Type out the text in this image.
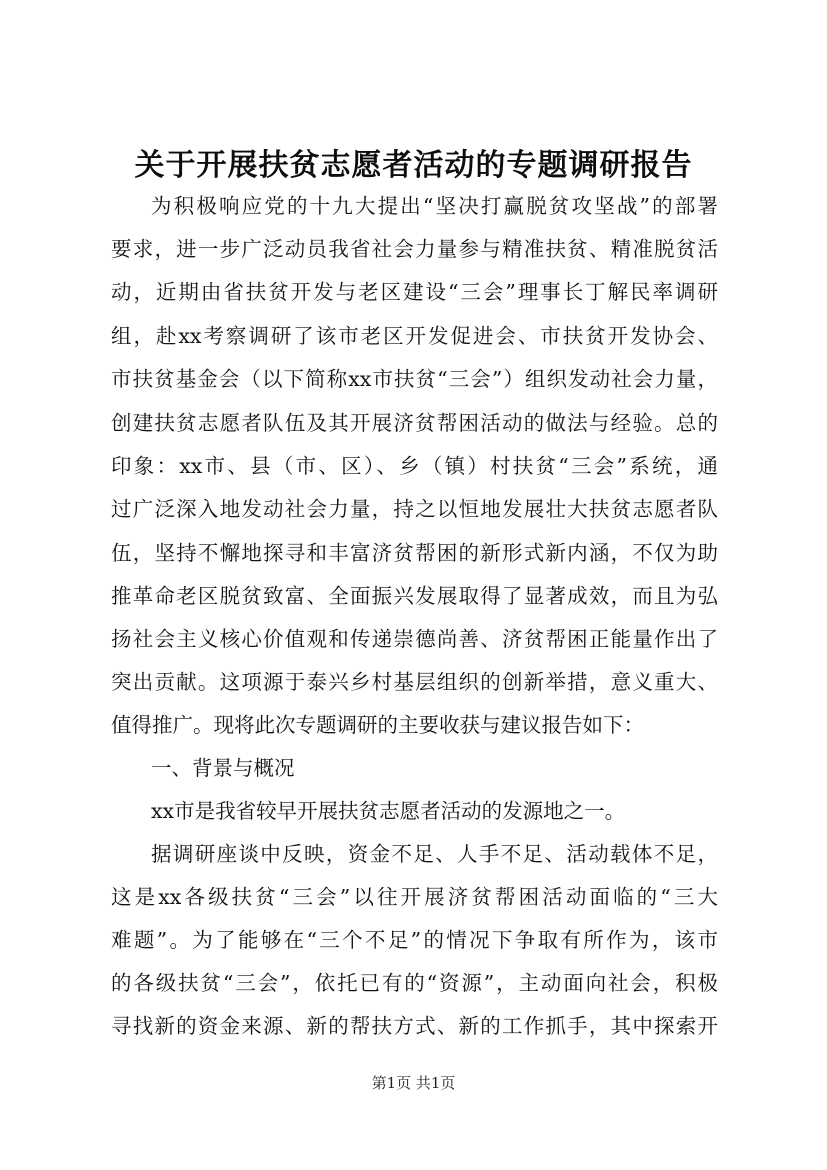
关于开展扶贫志愿者活动的专题调研报告
为积极响应党的十九大提出“坚决打赢脱贫攻坚战”的部署
要求，进一步广泛动员我省社会力量参与精准扶贫、精准脱贫活
动，近期由省扶贫开发与老区建设“三会”理事长丁解民率调研
组，赴xx考察调研了该市老区开发促进会、市扶贫开发协会、
市扶贫基金会（以下简称xx市扶贫“三会”）组织发动社会力量，
创建扶贫志愿者队伍及其开展济贫帮困活动的做法与经验。总的
印象：xx市、县（市、区）、乡（镇）村扶贫“三会”系统，通
过广泛深入地发动社会力量，持之以恒地发展壮大扶贫志愿者队
伍，坚持不懈地探寻和丰富济贫帮困的新形式新内涵，不仅为助
推革命老区脱贫致富、全面振兴发展取得了显著成效，而且为弘
扬社会主义核心价值观和传递崇德尚善、济贫帮困正能量作出了
突出贡献。这项源于泰兴乡村基层组织的创新举措，意义重大、
值得推广。现将此次专题调研的主要收获与建议报告如下：
一、背景与概况
xx市是我省较早开展扶贫志愿者活动的发源地之一。
据调研座谈中反映，资金不足、人手不足、活动载体不足，
这是xx各级扶贫“三会”以往开展济贫帮困活动面临的“三大
难题”。为了能够在“三个不足”的情况下争取有所作为，该市
的各级扶贫“三会”，依托已有的“资源”，主动面向社会，积极
寻找新的资金来源、新的帮扶方式、新的工作抓手，其中探索开
第1页 共1页
